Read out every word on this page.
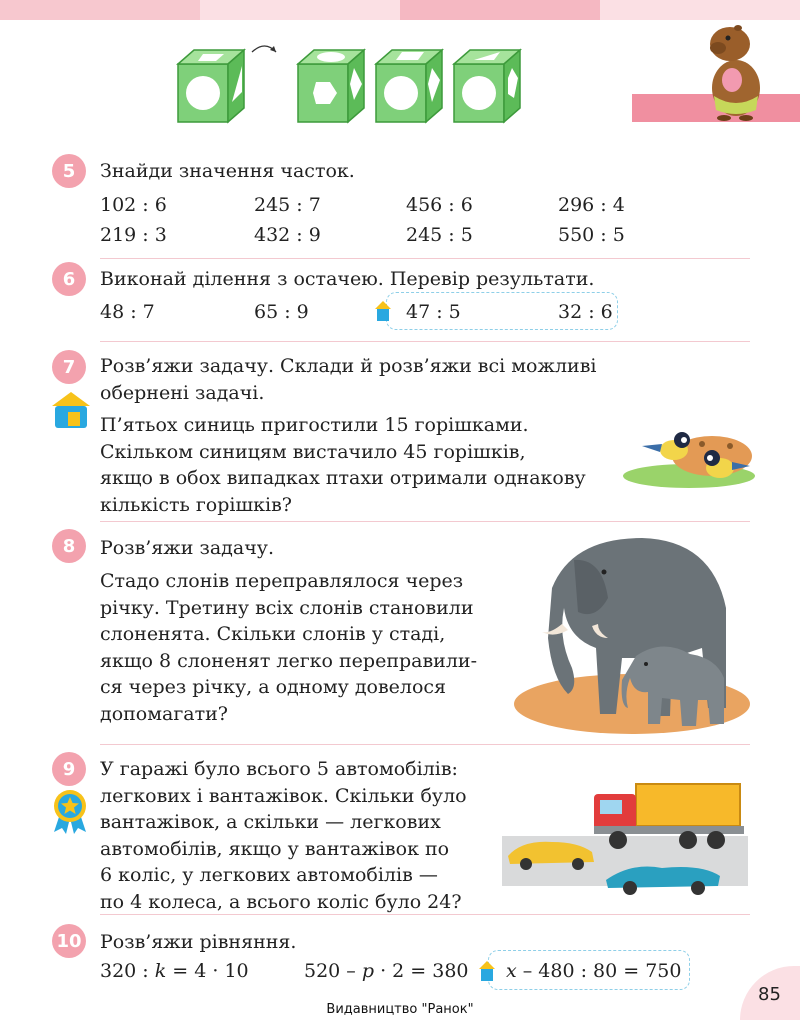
5	Знайди значення часток.
102 : 6	245 : 7	456 : 6	296 : 4
219 : 3	432 : 9	245 : 5	550 : 5
6	Виконай ділення з остачею. Перевір результати.
48 : 7	65 : 9	47 : 5	32 : 6
7	Розв’яжи задачу. Склади й розв’яжи всі можливі
обернені задачі.
П’ятьох синиць пригостили 15 горішками.
Скільком синицям вистачило 45 горішків,
якщо в обох випадках птахи отримали однакову
кількість горішків?
8	Розв’яжи задачу.
Стадо слонів переправлялося через
річку. Третину всіх слонів становили
слоненята. Скільки слонів у стаді,
якщо 8 слоненят легко переправили-
ся через річку, а одному довелося
допомагати?
9	У гаражі було всього 5 автомобілів:
легкових і вантажівок. Скільки було
вантажівок, а скільки — легкових
автомобілів, якщо у вантажівок по
6 коліс, у легкових автомобілів —
по 4 колеса, а всього коліс було 24?
10 Розв’яжи рівняння.
320 : k = 4 · 10	520 – p · 2 = 380 x – 480 : 80 = 750
85
Видавництво "Ранок"
